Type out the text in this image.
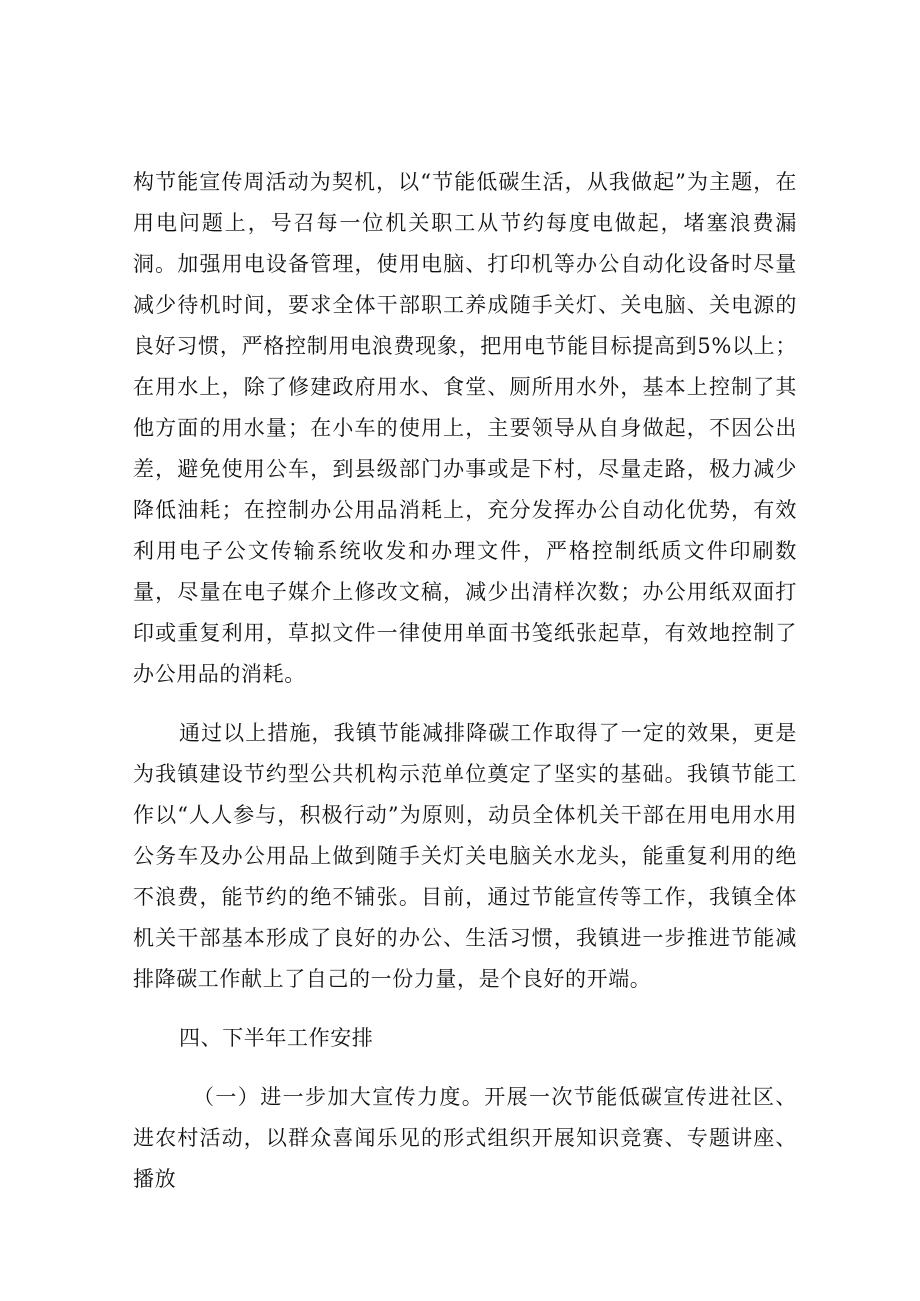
构节能宣传周活动为契机，以“节能低碳生活，从我做起”为主题，在用电问题上，号召每一位机关职工从节约每度电做起，堵塞浪费漏洞。加强用电设备管理，使用电脑、打印机等办公自动化设备时尽量减少待机时间，要求全体干部职工养成随手关灯、关电脑、关电源的良好习惯，严格控制用电浪费现象，把用电节能目标提高到5%以上；在用水上，除了修建政府用水、食堂、厕所用水外，基本上控制了其他方面的用水量；在小车的使用上，主要领导从自身做起，不因公出差，避免使用公车，到县级部门办事或是下村，尽量走路，极力减少降低油耗；在控制办公用品消耗上，充分发挥办公自动化优势，有效利用电子公文传输系统收发和办理文件，严格控制纸质文件印刷数量，尽量在电子媒介上修改文稿，减少出清样次数；办公用纸双面打印或重复利用，草拟文件一律使用单面书笺纸张起草，有效地控制了办公用品的消耗。

通过以上措施，我镇节能减排降碳工作取得了一定的效果，更是为我镇建设节约型公共机构示范单位奠定了坚实的基础。我镇节能工作以“人人参与，积极行动”为原则，动员全体机关干部在用电用水用公务车及办公用品上做到随手关灯关电脑关水龙头，能重复利用的绝不浪费，能节约的绝不铺张。目前，通过节能宣传等工作，我镇全体机关干部基本形成了良好的办公、生活习惯，我镇进一步推进节能减排降碳工作献上了自己的一份力量，是个良好的开端。

四、下半年工作安排

（一）进一步加大宣传力度。开展一次节能低碳宣传进社区、进农村活动，以群众喜闻乐见的形式组织开展知识竞赛、专题讲座、播放
